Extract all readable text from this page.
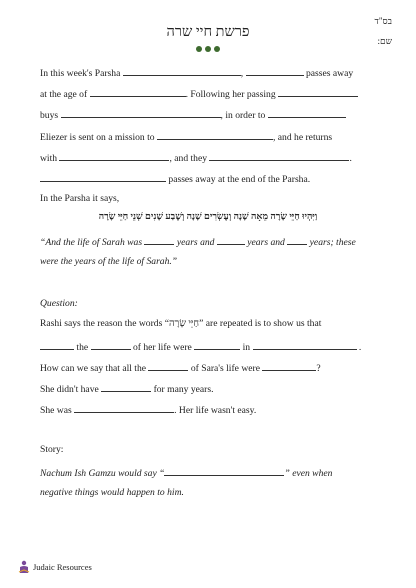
בס"ד
פרשת חיי שרה
שם:
In this week's Parsha	,	passes away
at the age of	. Following her passing
buys	, in order to
Eliezer is sent on a mission to	, and he returns
with	, and they	.
passes away at the end of the Parsha.
In the Parsha it says,
וַיִּהְיוּ חַיֵּי שָׂרָה מֵאָה שָׁנָה וְעֶשְׂרִים שָׁנָה וְשֶׁבַע שָׁנִים שְׁנֵי חַיֵּי שָׂרָה
“And the life of Sarah was	years and	years and	years; these
were the years of the life of Sarah.”
Question:
Rashi says the reason the words “חַיֵּי שָׂרָה” are repeated is to show us that
the	of her life were	in	.
How can we say that all the	of Sara's life were	?
She didn't have	for many years.
She was	. Her life wasn't easy.
Story:
Nachum Ish Gamzu would say “	” even when
negative things would happen to him.
Judaic Resources
